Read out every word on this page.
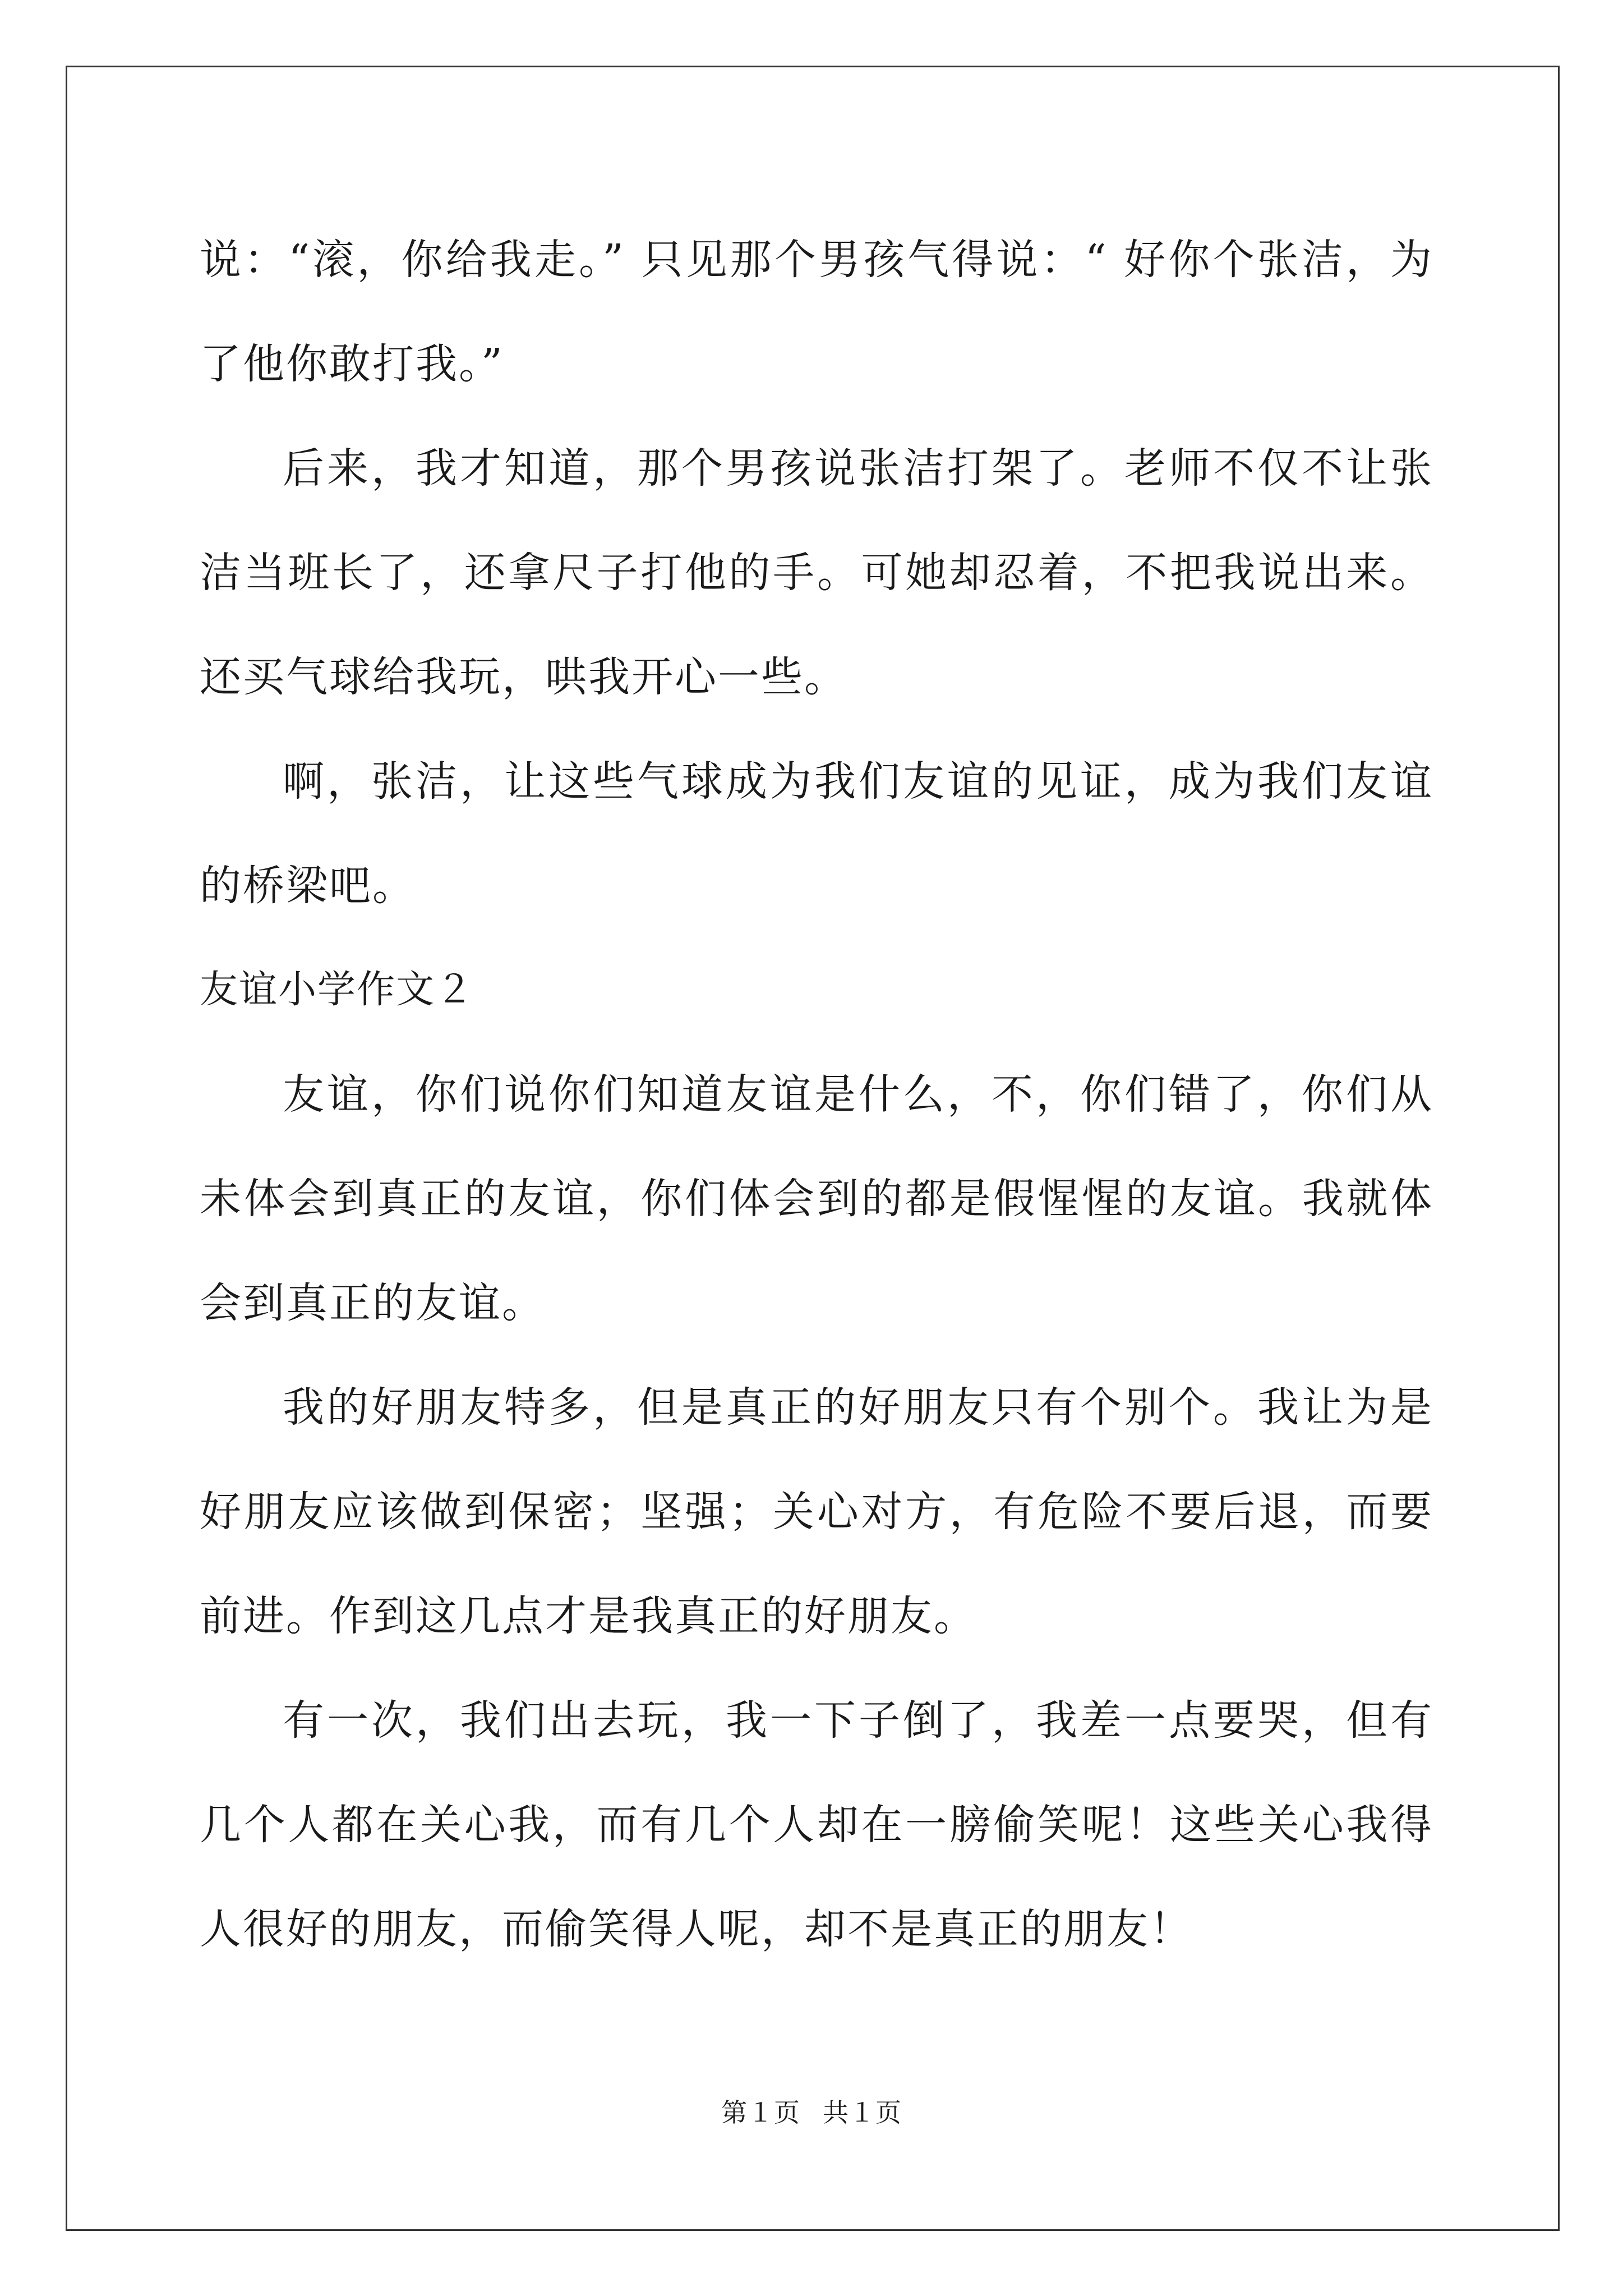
说：“滚，你给我走。” 只见那个男孩气得说：“ 好你个张洁，为了他你敢打我。”

后来，我才知道，那个男孩说张洁打架了。老师不仅不让张洁当班长了，还拿尺子打他的手。可她却忍着，不把我说出来。 还买气球给我玩，哄我开心一些。

啊，张洁，让这些气球成为我们友谊的见证，成为我们友谊的桥梁吧。

友谊小学作文２

友谊，你们说你们知道友谊是什么，不，你们错了，你们从未体会到真正的友谊，你们体会到的都是假惺惺的友谊。我就体会到真正的友谊。

我的好朋友特多，但是真正的好朋友只有个别个。我让为是好朋友应该做到保密；坚强；关心对方，有危险不要后退，而要前进。作到这几点才是我真正的好朋友。

有一次，我们出去玩，我一下子倒了，我差一点要哭，但有几个人都在关心我，而有几个人却在一膀偷笑呢！这些关心我得人很好的朋友，而偷笑得人呢，却不是真正的朋友！

第１页 共１页
